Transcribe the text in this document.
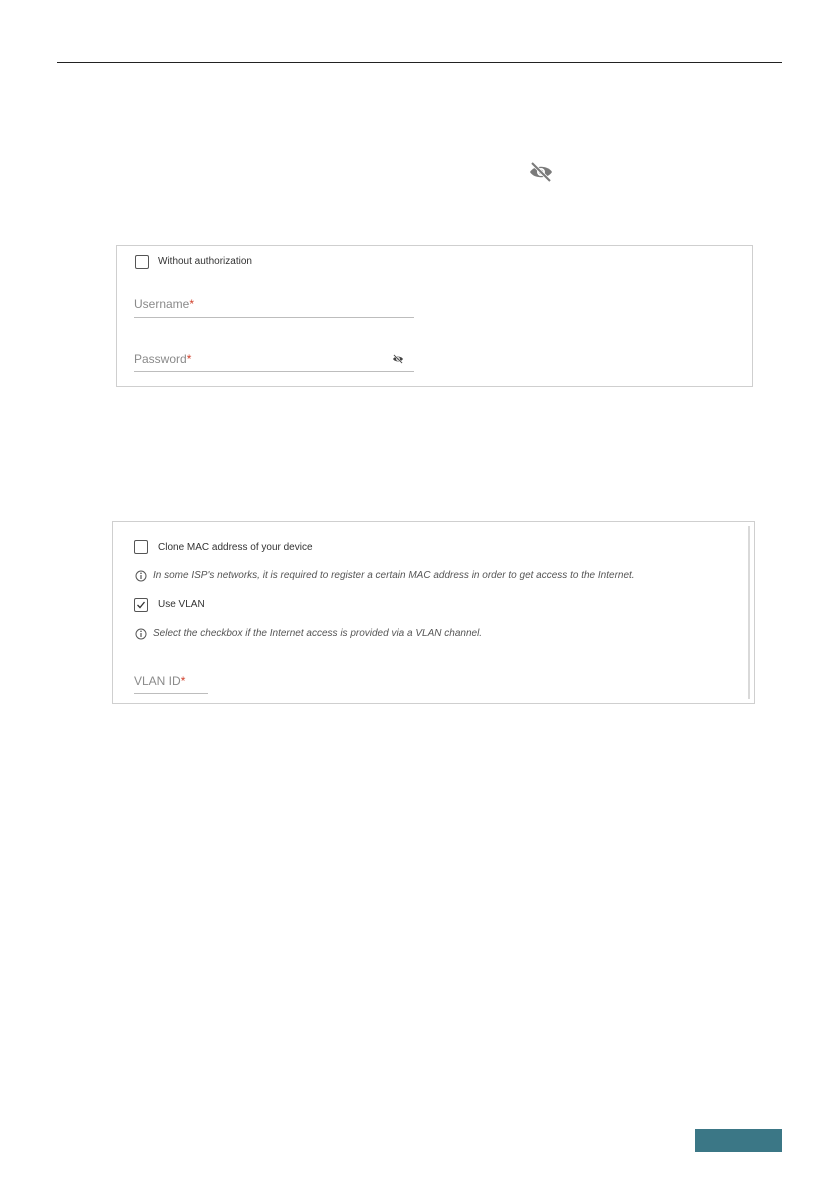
Without authorization
Username*
Password*
Clone MAC address of your device
In some ISP's networks, it is required to register a certain MAC address in order to get access to the Internet.
Use VLAN
Select the checkbox if the Internet access is provided via a VLAN channel.
VLAN ID*
